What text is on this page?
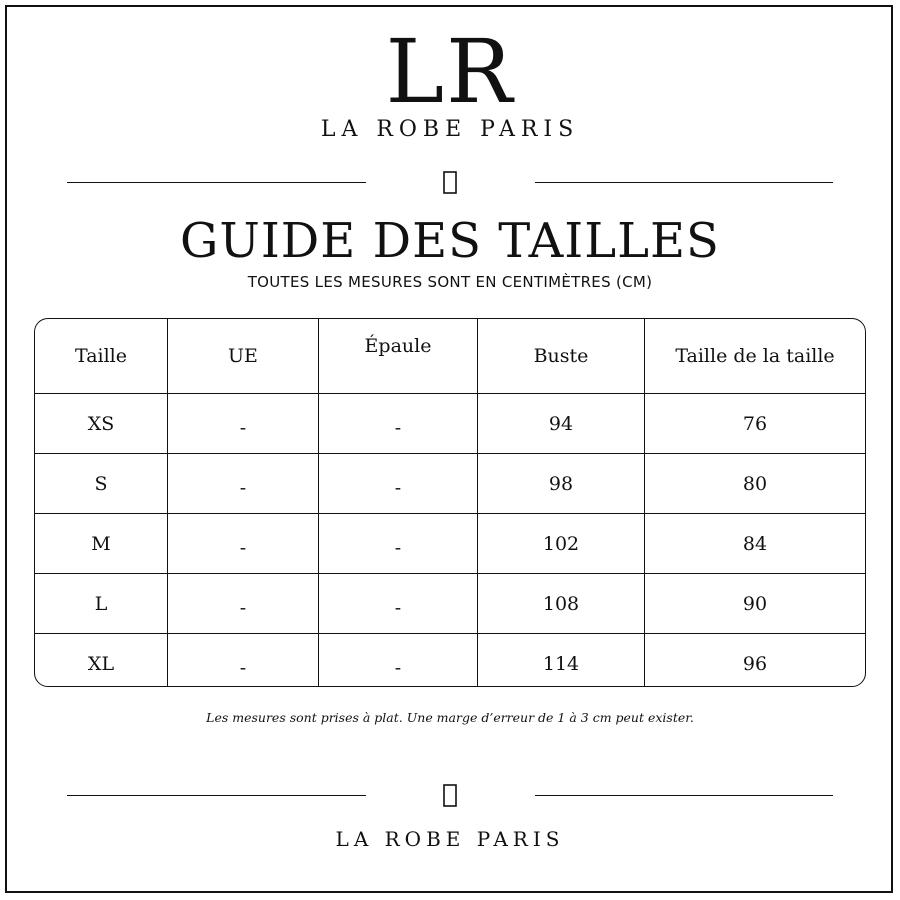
LR
LA ROBE PARIS
GUIDE DES TAILLES
TOUTES LES MESURES SONT EN CENTIMÈTRES (CM)
Taille	UE	Épaule	Buste	Taille de la taille
XS	-	-	94	76
S	-	-	98	80
M	-	-	102	84
L	-	-	108	90
XL	-	-	114	96

Les mesures sont prises à plat. Une marge d’erreur de 1 à 3 cm peut exister.
LA ROBE PARIS
